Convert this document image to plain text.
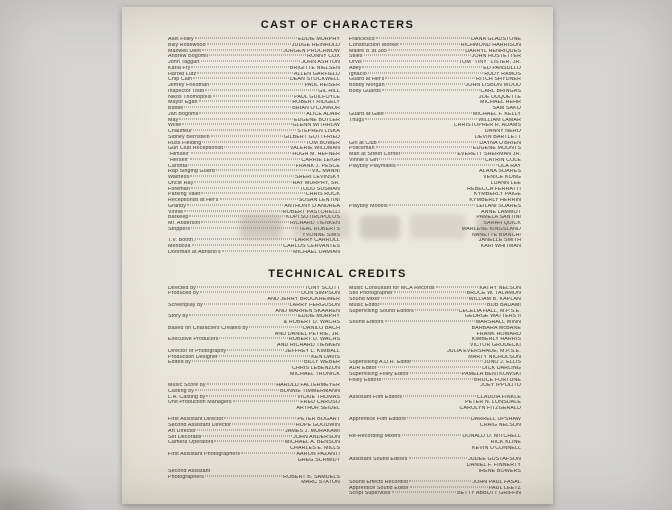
CAST OF CHARACTERS
Axel Foley	EDDIE MURPHY
Billy Rosewood	JUDGE REINHOLD
Maxwell Dent	JURGEN PROCHNOW
Andrew Bogomil	RONNY COX
John Taggart	JOHN ASHTON
Karla Fry	BRIGITTE NIELSEN
Harold Lutz	ALLEN GARFIELD
Chip Cain	DEAN STOCKWELL
Jeffrey Friedman	PAUL REISER
Inspector Todd	GIL HILL
Nikos Thomopolis	PAUL GUILFOYLE
Mayor Egan	ROBERT RIDGELY
Biddle	BRIAN O'CONNOR
Jan Bogomil	ALICE ADAIR
May	EUGENE BUTLER
Willie	GLENN WITHROW
Chauffeur	STEPHEN LISKA
Sidney Bernstein	GILBERT GOTTFRIED
Russ Fielding	TOM BOWER
Gun Club Receptionist	VALERIE WILDMAN
"Himself"	HUGH M. HEFNER
"Herself"	CARRIE LEIGH
Carlotta	FRANK J. PESCE
Rap Singing Guard	VIC MANNI
Waitress	SHERI LEVINSKY
Uncle Ray	RAY MURPHY, SR.
Foreman	TODD SUSMAN
Parking Valet	CHRIS ROCK
Receptionist at Hef's	SUSAN LENTINI
Granby	ANTHONY D'ANDREA
Vinnie	ROBERT PASTORELLI
Barkeep	KOPI SOTIROPULOS
Mr. Anderson	RICHARD TIENKEN
Strippers	TEAL ROBERTS
YVONNE SIMS
T.V. Booth /	LARRY CARROLL
Mendoza	CARLOS CERVANTES
Doorman at Adriano's	MICHAEL DAMIAN
Francesco	DANA GLADSTONE
Construction Worker	RICHMOND HARRISON
Maitre d' at 385	DARRYL HENRIQUES
Stiles	JOHN HOSTETTER
Orvis	TOM "TINY" LISTER, JR.
Abey	ED PANSULLO
Ignacio	RUDY RAMOS
Guard at Hef's	RITCH SHYDNER
Bobby Morgan	JOHN LISBON WOOD
Body Guards	CARL BRINGAS
JOE DUQUETTE
MICHAEL HEHR
SAM SAKO
Guard at Gate	MICHAEL F. KELLY
Thugs	WILLIAM LAMAR
CHRISTOPHER R. ADAMS
DANNY NERO
DEVIN BARTLETT
Girl at Club	DAYNA O'BRIEN
Policeman	EUGENE MOUNTS
Man at Street Corner	EVERETT SHERMAN JR.
Vinnie's Girl	CATRIN COLE
Playboy Playmates	OLA RAY
ALANA SOARES
VENICE KONG
LUANN LEE
REBECCA FERRATTI
KYMBERLY PAIGE
KYMBERLY HERRIN
Playboy Models	LEILANI SOARES
ANNE LAMMOT
PAMELA SANTINI
SARAH QUICK
MARLENE KINGSLAND
NANETTE BIANCHI
JANELLE SMITH
KARI WHITMAN
TECHNICAL CREDITS
Directed by	TONY SCOTT
Produced by	DON SIMPSON
AND JERRY BRUCKHEIMER
Screenplay by	LARRY FERGUSON
AND WARREN SKAAREN
Story by	EDDIE MURPHY
& ROBERT D. WACHS
Based on Characters Created by	DANILO BACH
AND DANIEL PETRIE, JR.
Executive Producers	ROBERT D. WACHS
AND RICHARD TIENKEN
Director of Photography	JEFFREY L. KIMBALL
Production Designer	KEN DAVIS
Edited by	BILLY WEBER
CHRIS LEBENZON
MICHAEL TRONICK
Music Score by	HAROLD FALTERMEYER
Casting by	BONNIE TIMMERMANN
L.A. Casting by	VICKIE THOMAS
Unit Production Managers	FRED CARUSO
ARTHUR SEIDEL
First Assistant Director	PETER BOGART
Second Assistant Director	HOPE GOODWIN
Art Director	JAMES J. MURAKAMI
Set Decorator	JOHN ANDERSON
Camera Operators	MICHAEL A. BENSON
CHARLES E. MILLS
First Assistant Photographers	AARON PAZANTI
GREG SCHMIDT
Second Assistant
Photographers	ROBERT B. SAMUELS
MARC STATON
Music Consultant for MCA Records	KATHY NELSON
Still Photographer	BRUCE W. TALAMON
Sound Mixer	WILLIAM B. KAPLAN
Music Editor	BOB BADAMI
Supervising Sound Editors	CECELIA HALL, M.P.S.E.
GEORGE WATTERS II
Sound Editors	MARSHALL WINN
BARBARA McBANE
FRANK HOWARD
KIMBERLY HARRIS
VICTOR GRODECKI
JULIA EVERSHADE, M.P.S.E.
MARTY NICHOLSON
Supervising A.D.R. Editor	JUNO J. ELLIS
ADR Editor	DICK DARLING
Supervising Foley Editor	PAMELA BENTKOWSKI
Foley Editors	BRUCE FORTUNE
JOEY IPPOLITO
Assistant Film Editors	CLAUDIA FINKLE
PETER N. LONSDALE
CAROLYN FITZGERALD
Apprentice Film Editors	DARRELL UPSHAW
CRAIG NELSON
Re-Recording Mixers	DONALD O. MITCHELL
RICK KLINE
KEVIN O'CONNELL
Assistant Sound Editors	JUDEE GUSTAFSON
DANIEL F. FINNERTY
IRENE BOWERS
Sound Effects Recordist	JOHN PAUL FASAL
Apprentice Sound Editor	PAUL LEETZ
Script Supervisor	BETTY ABBOTT GRIFFIN
